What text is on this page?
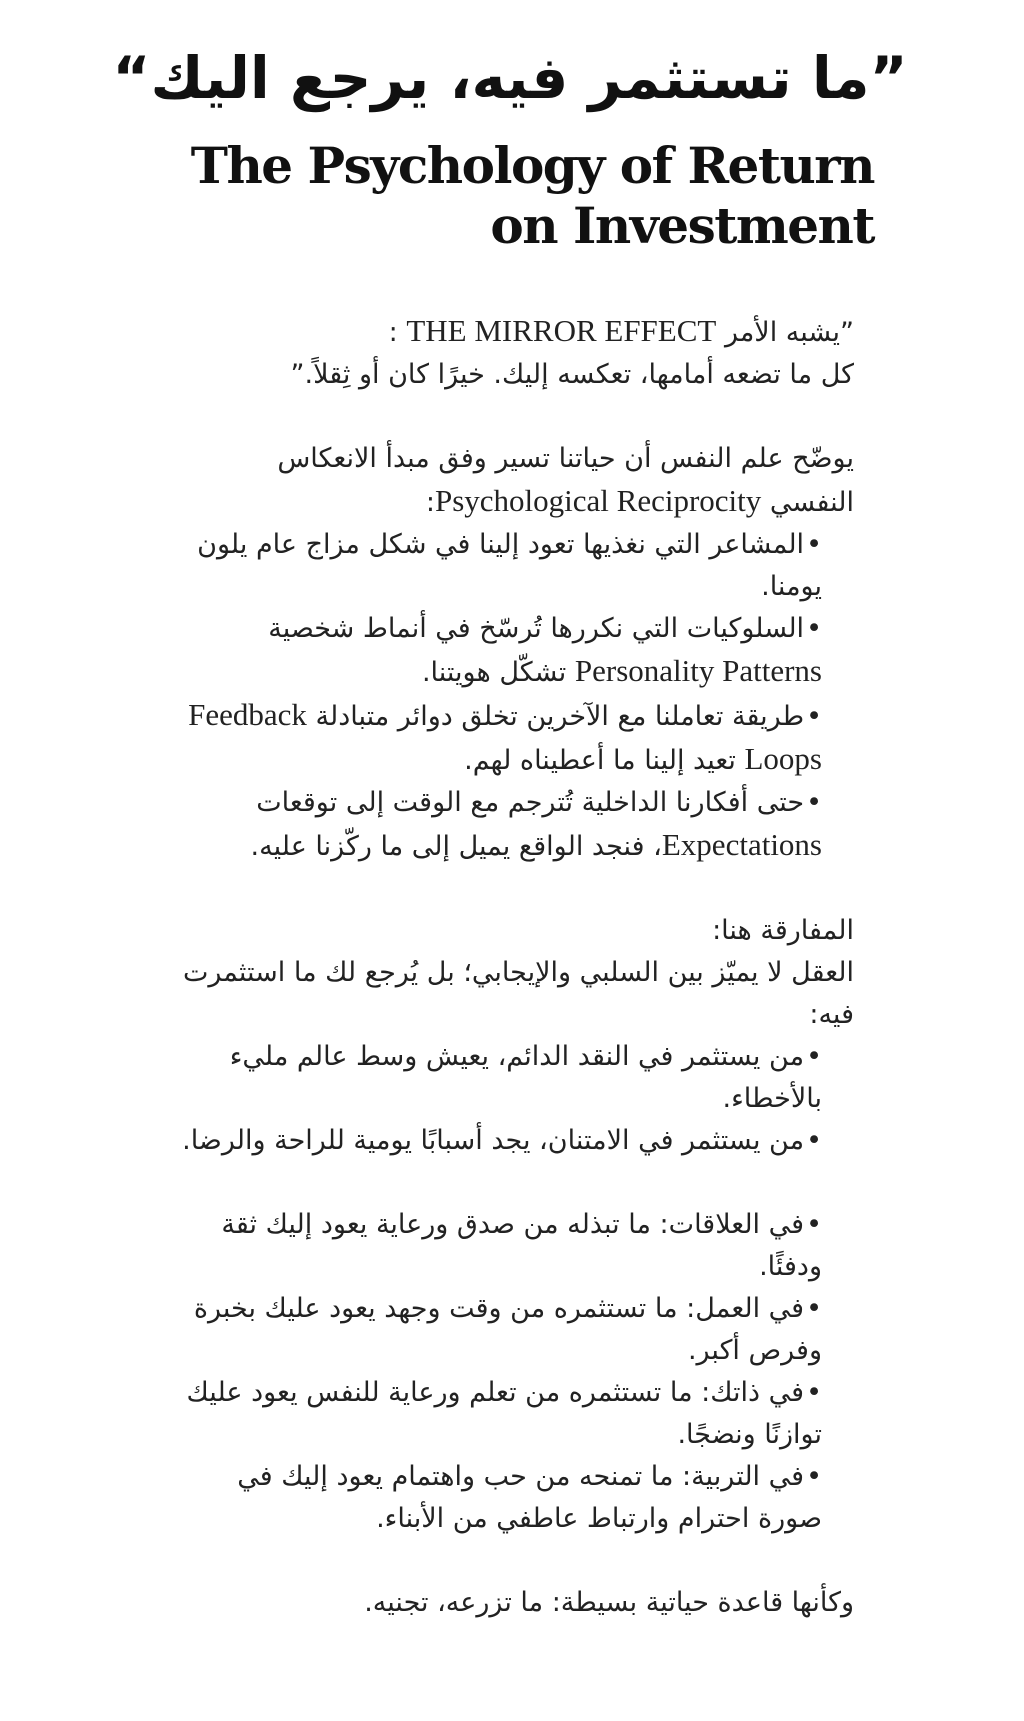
”ما تستثمر فيه، يرجع اليك“
The Psychology of Return
on Investment

”يشبه الأمر THE MIRROR EFFECT :

كل ما تضعه أمامها، تعكسه إليك. خيرًا كان أو ثِقلاً.”

يوضّح علم النفس أن حياتنا تسير وفق مبدأ الانعكاس

النفسي Psychological Reciprocity:

•المشاعر التي نغذيها تعود إلينا في شكل مزاج عام يلون يومنا.

•السلوكيات التي نكررها تُرسّخ في أنماط شخصية Personality Patterns تشكّل هويتنا.

•طريقة تعاملنا مع الآخرين تخلق دوائر متبادلة Feedback Loops تعيد إلينا ما أعطيناه لهم.

•حتى أفكارنا الداخلية تُترجم مع الوقت إلى توقعات Expectations، فنجد الواقع يميل إلى ما ركّزنا عليه.

المفارقة هنا:

العقل لا يميّز بين السلبي والإيجابي؛ بل يُرجع لك ما استثمرت فيه:

•من يستثمر في النقد الدائم، يعيش وسط عالم مليء بالأخطاء.

•من يستثمر في الامتنان، يجد أسبابًا يومية للراحة والرضا.

•في العلاقات: ما تبذله من صدق ورعاية يعود إليك ثقة ودفئًا.

•في العمل: ما تستثمره من وقت وجهد يعود عليك بخبرة وفرص أكبر.

•في ذاتك: ما تستثمره من تعلم ورعاية للنفس يعود عليك توازنًا ونضجًا.

•في التربية: ما تمنحه من حب واهتمام يعود إليك في صورة احترام وارتباط عاطفي من الأبناء.

وكأنها قاعدة حياتية بسيطة: ما تزرعه، تجنيه.
